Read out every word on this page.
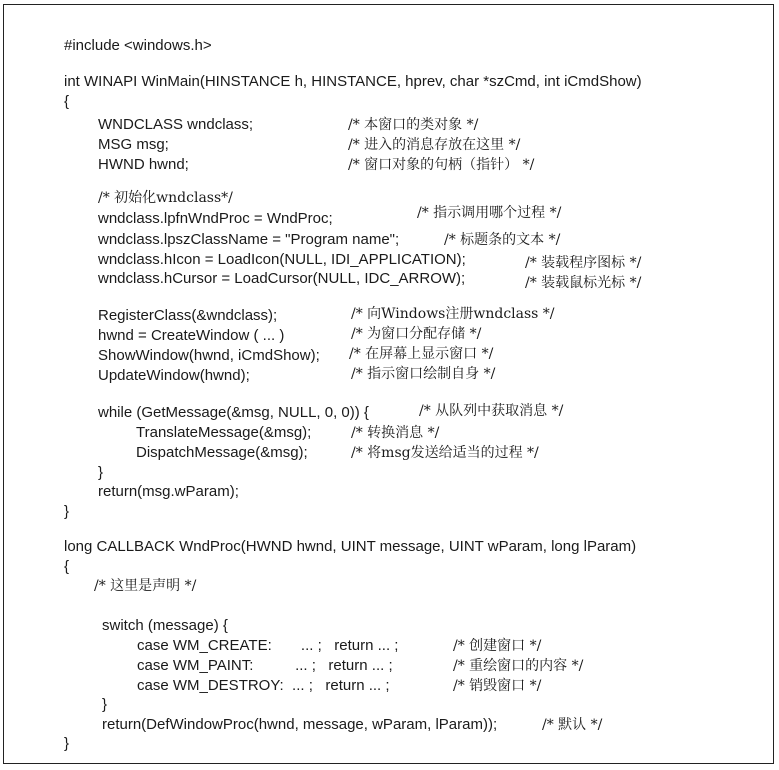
#include <windows.h>
int WINAPI WinMain(HINSTANCE h, HINSTANCE, hprev, char *szCmd, int iCmdShow)
{
WNDCLASS wndclass;	/* 本窗口的类对象 */
MSG msg;	/* 进入的消息存放在这里 */
HWND hwnd;	/* 窗口对象的句柄（指针） */
/* 初始化wndclass*/
wndclass.lpfnWndProc = WndProc;	/* 指示调用哪个过程 */
wndclass.lpszClassName = "Program name";	/* 标题条的文本 */
wndclass.hIcon = LoadIcon(NULL, IDI_APPLICATION);	/* 装载程序图标 */
wndclass.hCursor = LoadCursor(NULL, IDC_ARROW);	/* 装载鼠标光标 */
RegisterClass(&wndclass);	/* 向Windows注册wndclass */
hwnd = CreateWindow ( ... )	/* 为窗口分配存储 */
ShowWindow(hwnd, iCmdShow); /* 在屏幕上显示窗口 */
UpdateWindow(hwnd);	/* 指示窗口绘制自身 */
while (GetMessage(&msg, NULL, 0, 0)) {	/* 从队列中获取消息 */
TranslateMessage(&msg);	/* 转换消息 */
DispatchMessage(&msg);	/* 将msg发送给适当的过程 */
}
return(msg.wParam);
}
long CALLBACK WndProc(HWND hwnd, UINT message, UINT wParam, long lParam)
{
/* 这里是声明 */
switch (message) {
case WM_CREATE:       ... ;   return ... ;	/* 创建窗口 */
case WM_PAINT:          ... ;   return ... ;	/* 重绘窗口的内容 */
case WM_DESTROY:  ... ;   return ... ;	/* 销毁窗口 */
}
return(DefWindowProc(hwnd, message, wParam, lParam));	/* 默认 */
}
